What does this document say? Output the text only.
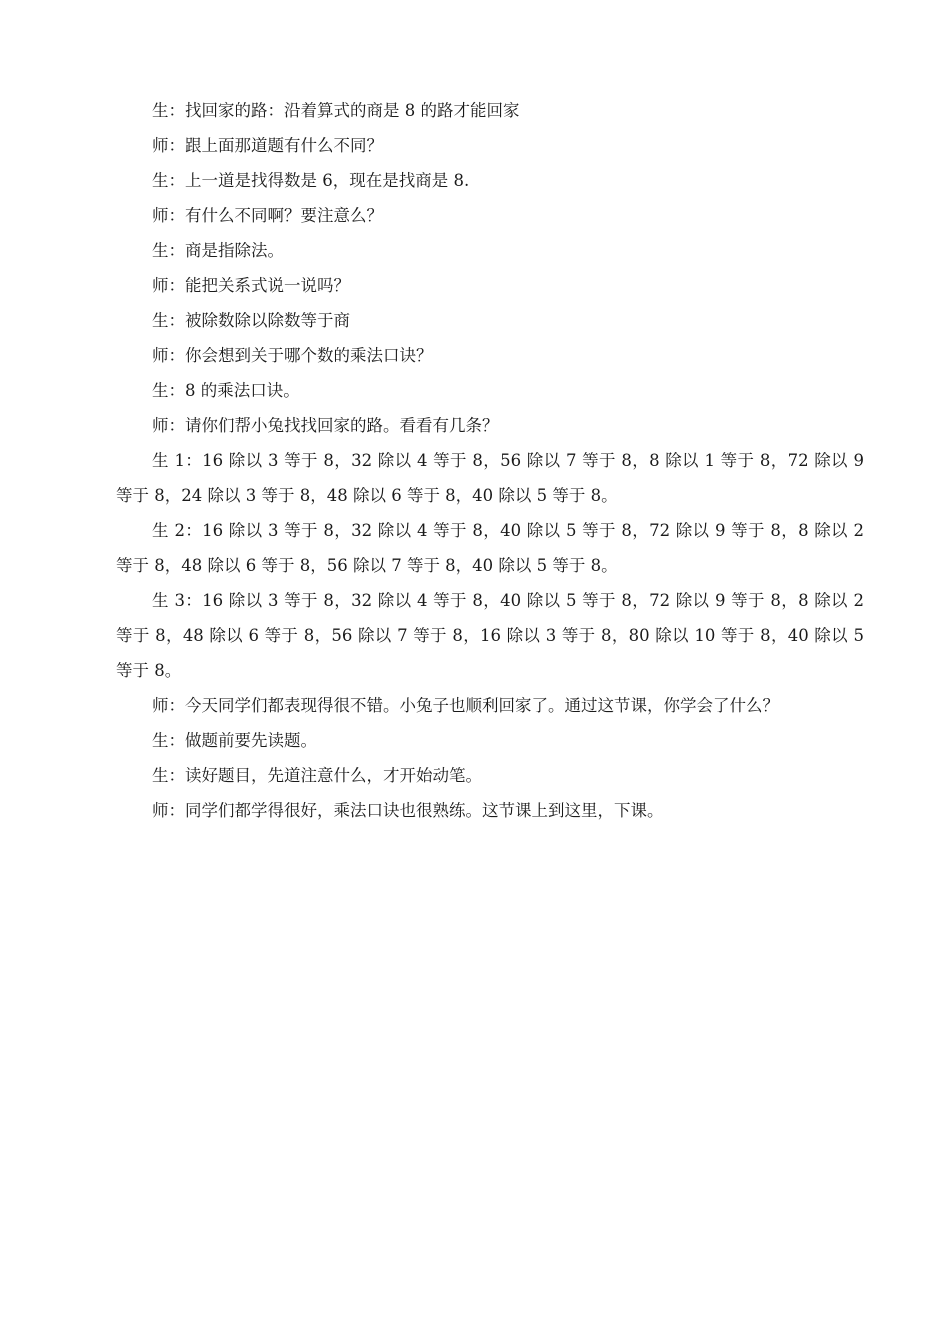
生：找回家的路：沿着算式的商是 8 的路才能回家

师：跟上面那道题有什么不同？

生：上一道是找得数是 6，现在是找商是 8.

师：有什么不同啊？要注意么？

生：商是指除法。

师：能把关系式说一说吗？

生：被除数除以除数等于商

师：你会想到关于哪个数的乘法口诀？

生：8 的乘法口诀。

师：请你们帮小兔找找回家的路。看看有几条？

生 1：16 除以 3 等于 8，32 除以 4 等于 8，56 除以 7 等于 8，8 除以 1 等于 8，72 除以 9 等于 8，24 除以 3 等于 8，48 除以 6 等于 8，40 除以 5 等于 8。

生 2：16 除以 3 等于 8，32 除以 4 等于 8，40 除以 5 等于 8，72 除以 9 等于 8，8 除以 2 等于 8，48 除以 6 等于 8，56 除以 7 等于 8，40 除以 5 等于 8。

生 3：16 除以 3 等于 8，32 除以 4 等于 8，40 除以 5 等于 8，72 除以 9 等于 8，8 除以 2 等于 8，48 除以 6 等于 8，56 除以 7 等于 8，16 除以 3 等于 8，80 除以 10 等于 8，40 除以 5 等于 8。

师：今天同学们都表现得很不错。小兔子也顺利回家了。通过这节课，你学会了什么？

生：做题前要先读题。

生：读好题目，先道注意什么，才开始动笔。

师：同学们都学得很好，乘法口诀也很熟练。这节课上到这里，下课。
